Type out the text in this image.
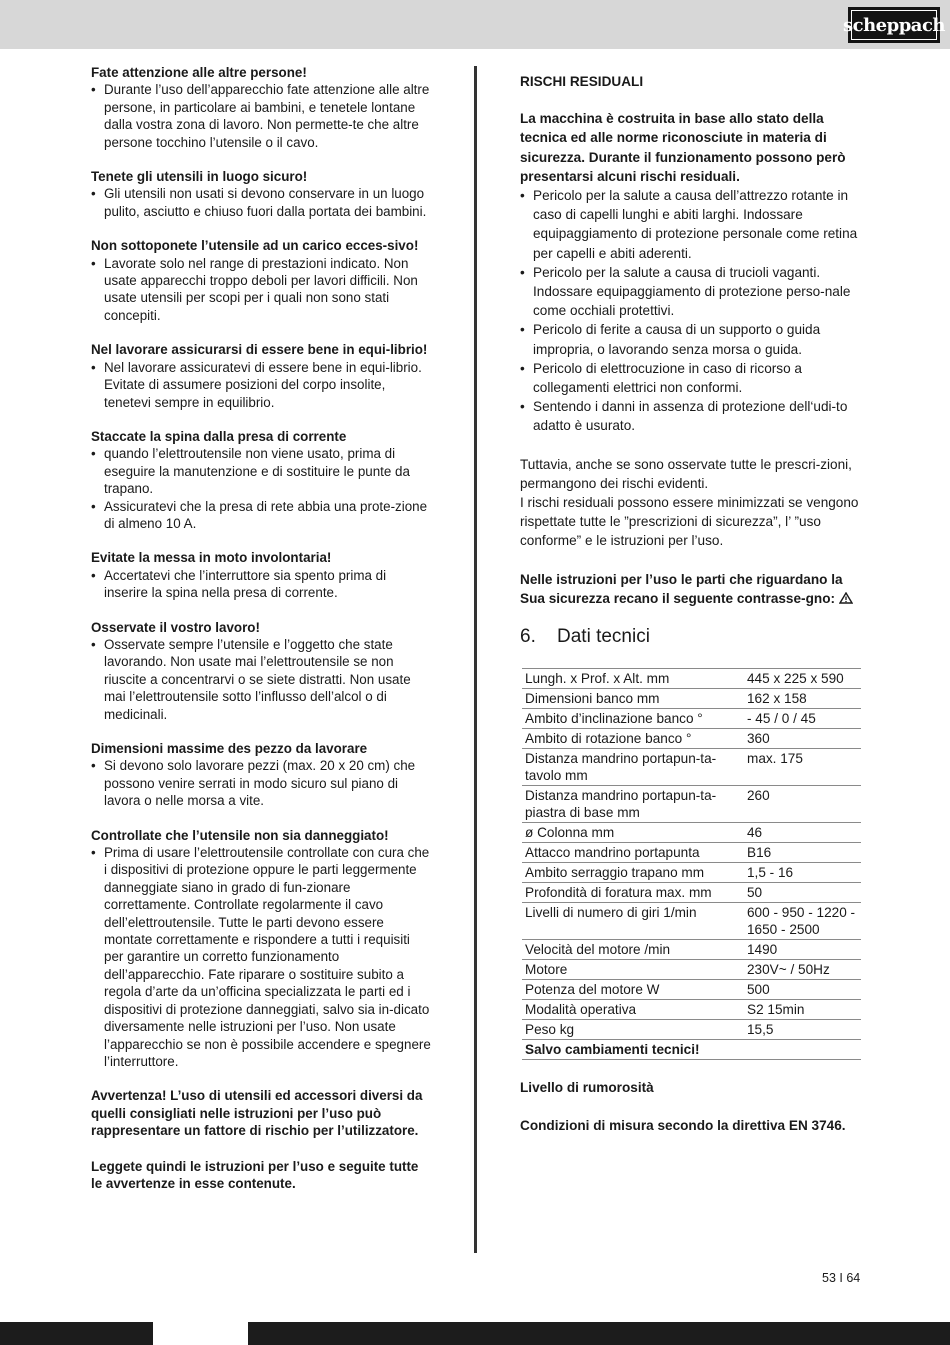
scheppach
Fate attenzione alle altre persone!
• Durante l’uso dell’apparecchio fate attenzione alle altre persone, in particolare ai bambini, e tenetele lontane dalla vostra zona di lavoro. Non permette-te che altre persone tocchino l’utensile o il cavo.
Tenete gli utensili in luogo sicuro!
• Gli utensili non usati si devono conservare in un luogo pulito, asciutto e chiuso fuori dalla portata dei bambini.
Non sottoponete l’utensile ad un carico ecces-sivo!
• Lavorate solo nel range di prestazioni indicato. Non usate apparecchi troppo deboli per lavori difficili. Non usate utensili per scopi per i quali non sono stati concepiti.
Nel lavorare assicurarsi di essere bene in equi-librio!
• Nel lavorare assicuratevi di essere bene in equi-librio. Evitate di assumere posizioni del corpo insolite, tenetevi sempre in equilibrio.
Staccate la spina dalla presa di corrente
• quando l’elettroutensile non viene usato, prima di eseguire la manutenzione e di sostituire le punte da trapano.
• Assicuratevi che la presa di rete abbia una prote-zione di almeno 10 A.
Evitate la messa in moto involontaria!
• Accertatevi che l’interruttore sia spento prima di inserire la spina nella presa di corrente.
Osservate il vostro lavoro!
• Osservate sempre l’utensile e l’oggetto che state lavorando. Non usate mai l’elettroutensile se non riuscite a concentrarvi o se siete distratti. Non usate mai l’elettroutensile sotto l’influsso dell’alcol o di medicinali.
Dimensioni massime des pezzo da lavorare
• Si devono solo lavorare pezzi (max. 20 x 20 cm) che possono venire serrati in modo sicuro sul piano di lavora o nelle morsa a vite.
Controllate che l’utensile non sia danneggiato!
• Prima di usare l’elettroutensile controllate con cura che i dispositivi di protezione oppure le parti leggermente danneggiate siano in grado di fun-zionare correttamente. Controllate regolarmente il cavo dell’elettroutensile. Tutte le parti devono essere montate correttamente e rispondere a tutti i requisiti per garantire un corretto funzionamento dell’apparecchio. Fate riparare o sostituire subito a regola d’arte da un’officina specializzata le parti ed i dispositivi di protezione danneggiati, salvo sia in-dicato diversamente nelle istruzioni per l’uso. Non usate l’apparecchio se non è possibile accendere e spegnere l’interruttore.

Avvertenza! L’uso di utensili ed accessori diversi da quelli consigliati nelle istruzioni per l’uso può rappresentare un fattore di rischio per l’utilizzatore.

Leggete quindi le istruzioni per l’uso e seguite tutte le avvertenze in esse contenute.

RISCHI RESIDUALI

La macchina è costruita in base allo stato della tecnica ed alle norme riconosciute in materia di sicurezza. Durante il funzionamento possono però presentarsi alcuni rischi residuali.

• Pericolo per la salute a causa dell’attrezzo rotante in caso di capelli lunghi e abiti larghi. Indossare equipaggiamento di protezione personale come retina per capelli e abiti aderenti.
• Pericolo per la salute a causa di trucioli vaganti. Indossare equipaggiamento di protezione perso-nale come occhiali protettivi.
• Pericolo di ferite a causa di un supporto o guida impropria, o lavorando senza morsa o guida.
• Pericolo di elettrocuzione in caso di ricorso a collegamenti elettrici non conformi.
• Sentendo i danni in assenza di protezione dell‘udi-to adatto è usurato.

Tuttavia, anche se sono osservate tutte le prescri-zioni, permangono dei rischi evidenti.

I rischi residuali possono essere minimizzati se vengono rispettate tutte le ”prescrizioni di sicurezza”, l’ ”uso conforme” e le istruzioni per l’uso.

Nelle istruzioni per l’uso le parti che riguardano la Sua sicurezza recano il seguente contrasse-gno:

6. Dati tecnici
Lungh. x Prof. x Alt. mm	445 x 225 x 590
Dimensioni banco mm	162 x 158
Ambito d’inclinazione banco °	- 45 / 0 / 45
Ambito di rotazione banco °	360
Distanza mandrino portapun-ta-tavolo mm	max. 175
Distanza mandrino portapun-ta-piastra di base mm	260
ø Colonna mm	46
Attacco mandrino portapunta	B16
Ambito serraggio trapano mm	1,5 - 16
Profondità di foratura max. mm	50
Livelli di numero di giri 1/min	600 - 950 - 1220 - 1650 - 2500
Velocità del motore /min	1490
Motore	230V~ / 50Hz
Potenza del motore W	500
Modalità operativa	S2 15min
Peso kg	15,5
Salvo cambiamenti tecnici!	

Livello di rumorosità

Condizioni di misura secondo la direttiva EN 3746.

53 I 64
